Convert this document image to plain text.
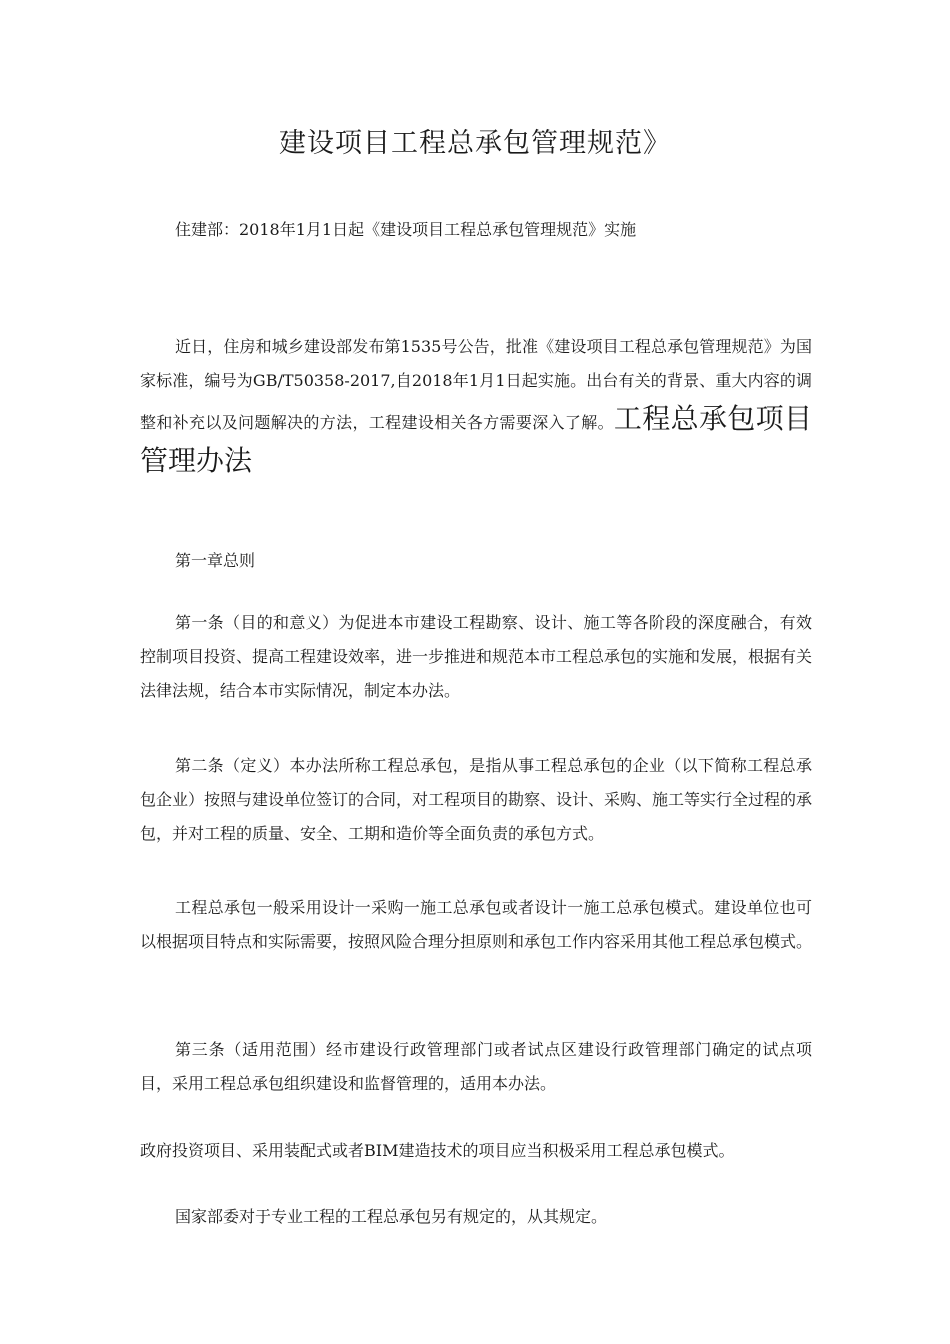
建设项目工程总承包管理规范》
住建部：2018年1月1日起《建设项目工程总承包管理规范》实施
近日，住房和城乡建设部发布第1535号公告，批准《建设项目工程总承包管理规范》为国家标准，编号为GB/T50358-2017,自2018年1月1日起实施。出台有关的背景、重大内容的调整和补充以及问题解决的方法，工程建设相关各方需要深入了解。工程总承包项目管理办法
第一章总则
第一条（目的和意义）为促进本市建设工程勘察、设计、施工等各阶段的深度融合，有效控制项目投资、提高工程建设效率，进一步推进和规范本市工程总承包的实施和发展，根据有关法律法规，结合本市实际情况，制定本办法。
第二条（定义）本办法所称工程总承包，是指从事工程总承包的企业（以下简称工程总承包企业）按照与建设单位签订的合同，对工程项目的勘察、设计、采购、施工等实行全过程的承包，并对工程的质量、安全、工期和造价等全面负责的承包方式。
工程总承包一般采用设计一采购一施工总承包或者设计一施工总承包模式。建设单位也可以根据项目特点和实际需要，按照风险合理分担原则和承包工作内容采用其他工程总承包模式。
第三条（适用范围）经市建设行政管理部门或者试点区建设行政管理部门确定的试点项目，采用工程总承包组织建设和监督管理的，适用本办法。
政府投资项目、采用装配式或者BIM建造技术的项目应当积极采用工程总承包模式。
国家部委对于专业工程的工程总承包另有规定的，从其规定。
